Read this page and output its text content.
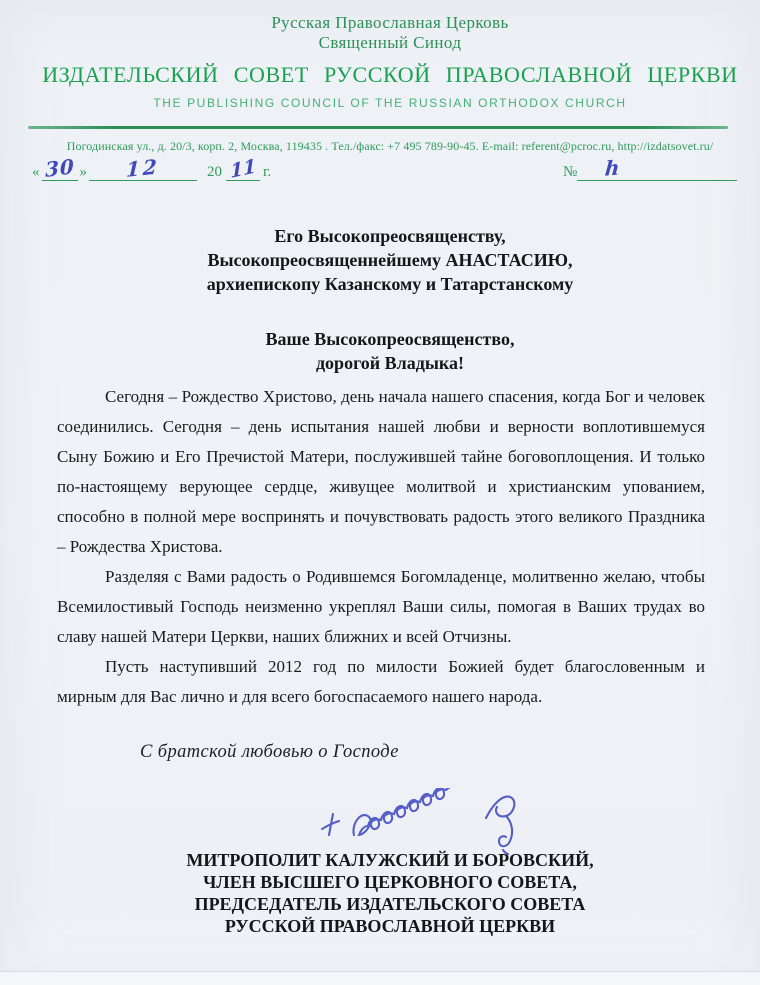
Русская Православная Церковь
Священный Синод
ИЗДАТЕЛЬСКИЙ СОВЕТ РУССКОЙ ПРАВОСЛАВНОЙ ЦЕРКВИ
THE PUBLISHING COUNCIL OF THE RUSSIAN ORTHODOX CHURCH
Погодинская ул., д. 20/3, корп. 2, Москва, 119435 . Тел./факс: +7 495 789-90-45. E-mail: referent@pcroc.ru, http://izdatsovet.ru/
« 30 » 12	20 11 г.	№ h
Его Высокопреосвященству,
Высокопреосвященнейшему АНАСТАСИЮ,
архиепископу Казанскому и Татарстанскому
Ваше Высокопреосвященство,
дорогой Владыка!

Сегодня – Рождество Христово, день начала нашего спасения, когда Бог и человек соединились. Сегодня – день испытания нашей любви и верности воплотившемуся Сыну Божию и Его Пречистой Матери, послужившей тайне боговоплощения. И только по-настоящему верующее сердце, живущее молитвой и христианским упованием, способно в полной мере воспринять и почувствовать радость этого великого Праздника – Рождества Христова.

Разделяя с Вами радость о Родившемся Богомладенце, молитвенно желаю, чтобы Всемилостивый Господь неизменно укреплял Ваши силы, помогая в Ваших трудах во славу нашей Матери Церкви, наших ближних и всей Отчизны.

Пусть наступивший 2012 год по милости Божией будет благословенным и мирным для Вас лично и для всего богоспасаемого нашего народа.

С братской любовью о Господе
МИТРОПОЛИТ КАЛУЖСКИЙ И БОРОВСКИЙ,
ЧЛЕН ВЫСШЕГО ЦЕРКОВНОГО СОВЕТА,
ПРЕДСЕДАТЕЛЬ ИЗДАТЕЛЬСКОГО СОВЕТА
РУССКОЙ ПРАВОСЛАВНОЙ ЦЕРКВИ
